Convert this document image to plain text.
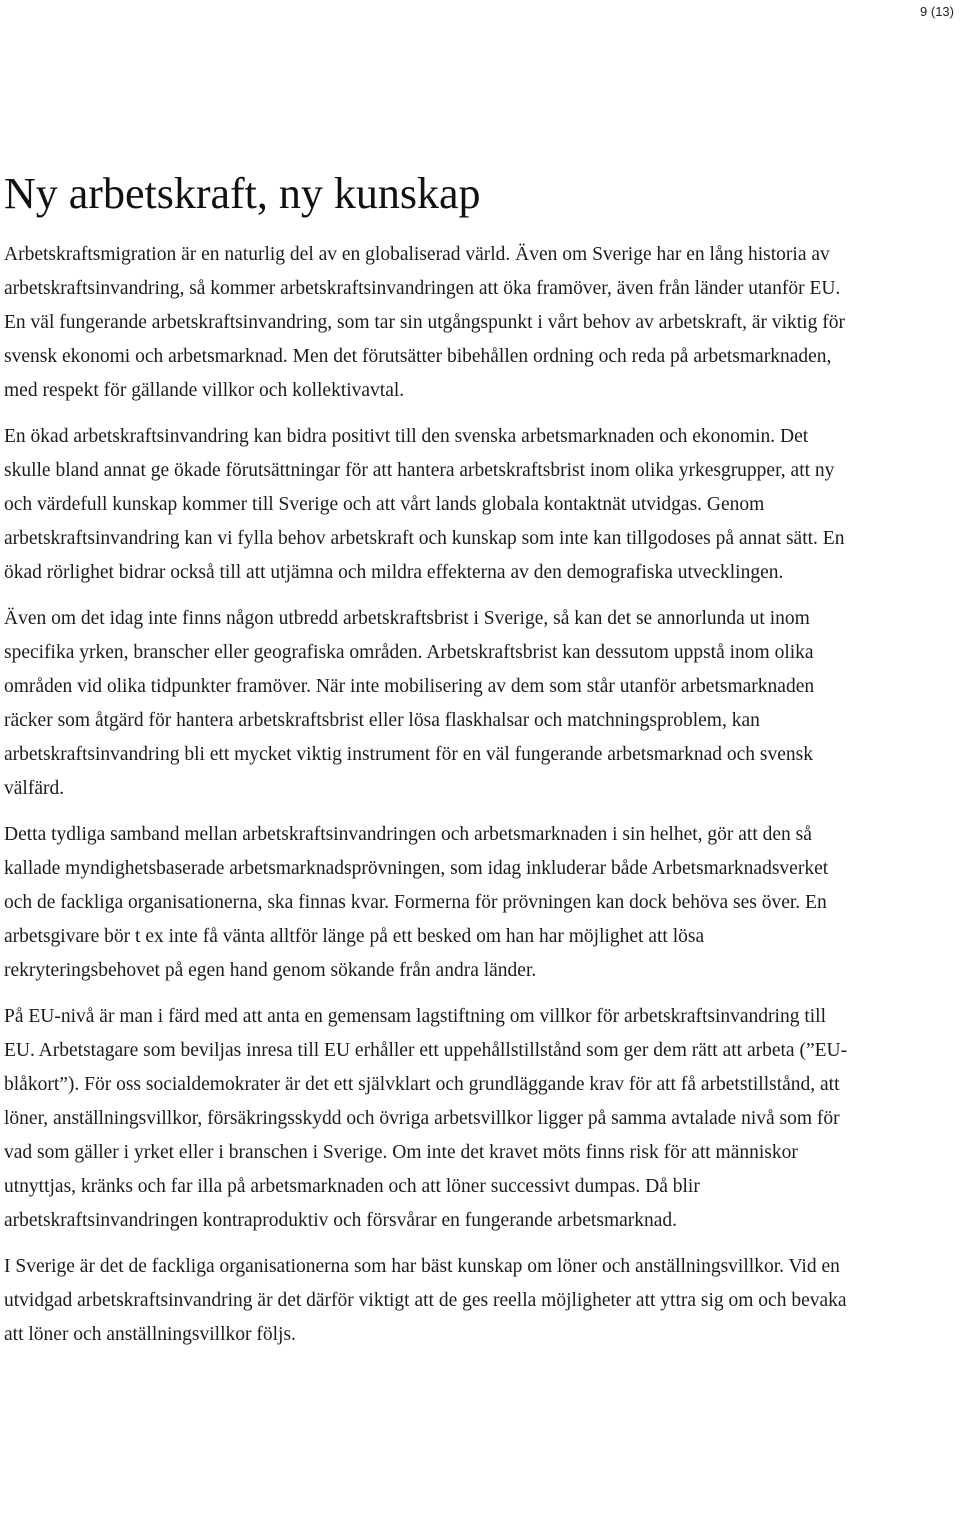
9 (13)
Ny arbetskraft, ny kunskap

Arbetskraftsmigration är en naturlig del av en globaliserad värld. Även om Sverige har en lång historia av arbetskraftsinvandring, så kommer arbetskraftsinvandringen att öka framöver, även från länder utanför EU. En väl fungerande arbetskraftsinvandring, som tar sin utgångspunkt i vårt behov av arbetskraft, är viktig för svensk ekonomi och arbetsmarknad. Men det förutsätter bibehållen ordning och reda på arbetsmarknaden, med respekt för gällande villkor och kollektivavtal.

En ökad arbetskraftsinvandring kan bidra positivt till den svenska arbetsmarknaden och ekonomin. Det skulle bland annat ge ökade förutsättningar för att hantera arbetskraftsbrist inom olika yrkesgrupper, att ny och värdefull kunskap kommer till Sverige och att vårt lands globala kontaktnät utvidgas. Genom arbetskraftsinvandring kan vi fylla behov arbetskraft och kunskap som inte kan tillgodoses på annat sätt. En ökad rörlighet bidrar också till att utjämna och mildra effekterna av den demografiska utvecklingen.

Även om det idag inte finns någon utbredd arbetskraftsbrist i Sverige, så kan det se annorlunda ut inom specifika yrken, branscher eller geografiska områden. Arbetskraftsbrist kan dessutom uppstå inom olika områden vid olika tidpunkter framöver. När inte mobilisering av dem som står utanför arbetsmarknaden räcker som åtgärd för hantera arbetskraftsbrist eller lösa flaskhalsar och matchningsproblem, kan arbetskraftsinvandring bli ett mycket viktig instrument för en väl fungerande arbetsmarknad och svensk välfärd.

Detta tydliga samband mellan arbetskraftsinvandringen och arbetsmarknaden i sin helhet, gör att den så kallade myndighetsbaserade arbetsmarknadsprövningen, som idag inkluderar både Arbetsmarknadsverket och de fackliga organisationerna, ska finnas kvar. Formerna för prövningen kan dock behöva ses över. En arbetsgivare bör t ex inte få vänta alltför länge på ett besked om han har möjlighet att lösa rekryteringsbehovet på egen hand genom sökande från andra länder.

På EU-nivå är man i färd med att anta en gemensam lagstiftning om villkor för arbetskraftsinvandring till EU. Arbetstagare som beviljas inresa till EU erhåller ett uppehållstillstånd som ger dem rätt att arbeta (”EU-blåkort”). För oss socialdemokrater är det ett självklart och grundläggande krav för att få arbetstillstånd, att löner, anställningsvillkor, försäkringsskydd och övriga arbetsvillkor ligger på samma avtalade nivå som för vad som gäller i yrket eller i branschen i Sverige. Om inte det kravet möts finns risk för att människor utnyttjas, kränks och far illa på arbetsmarknaden och att löner successivt dumpas. Då blir arbetskraftsinvandringen kontraproduktiv och försvårar en fungerande arbetsmarknad.

I Sverige är det de fackliga organisationerna som har bäst kunskap om löner och anställningsvillkor. Vid en utvidgad arbetskraftsinvandring är det därför viktigt att de ges reella möjligheter att yttra sig om och bevaka att löner och anställningsvillkor följs.
